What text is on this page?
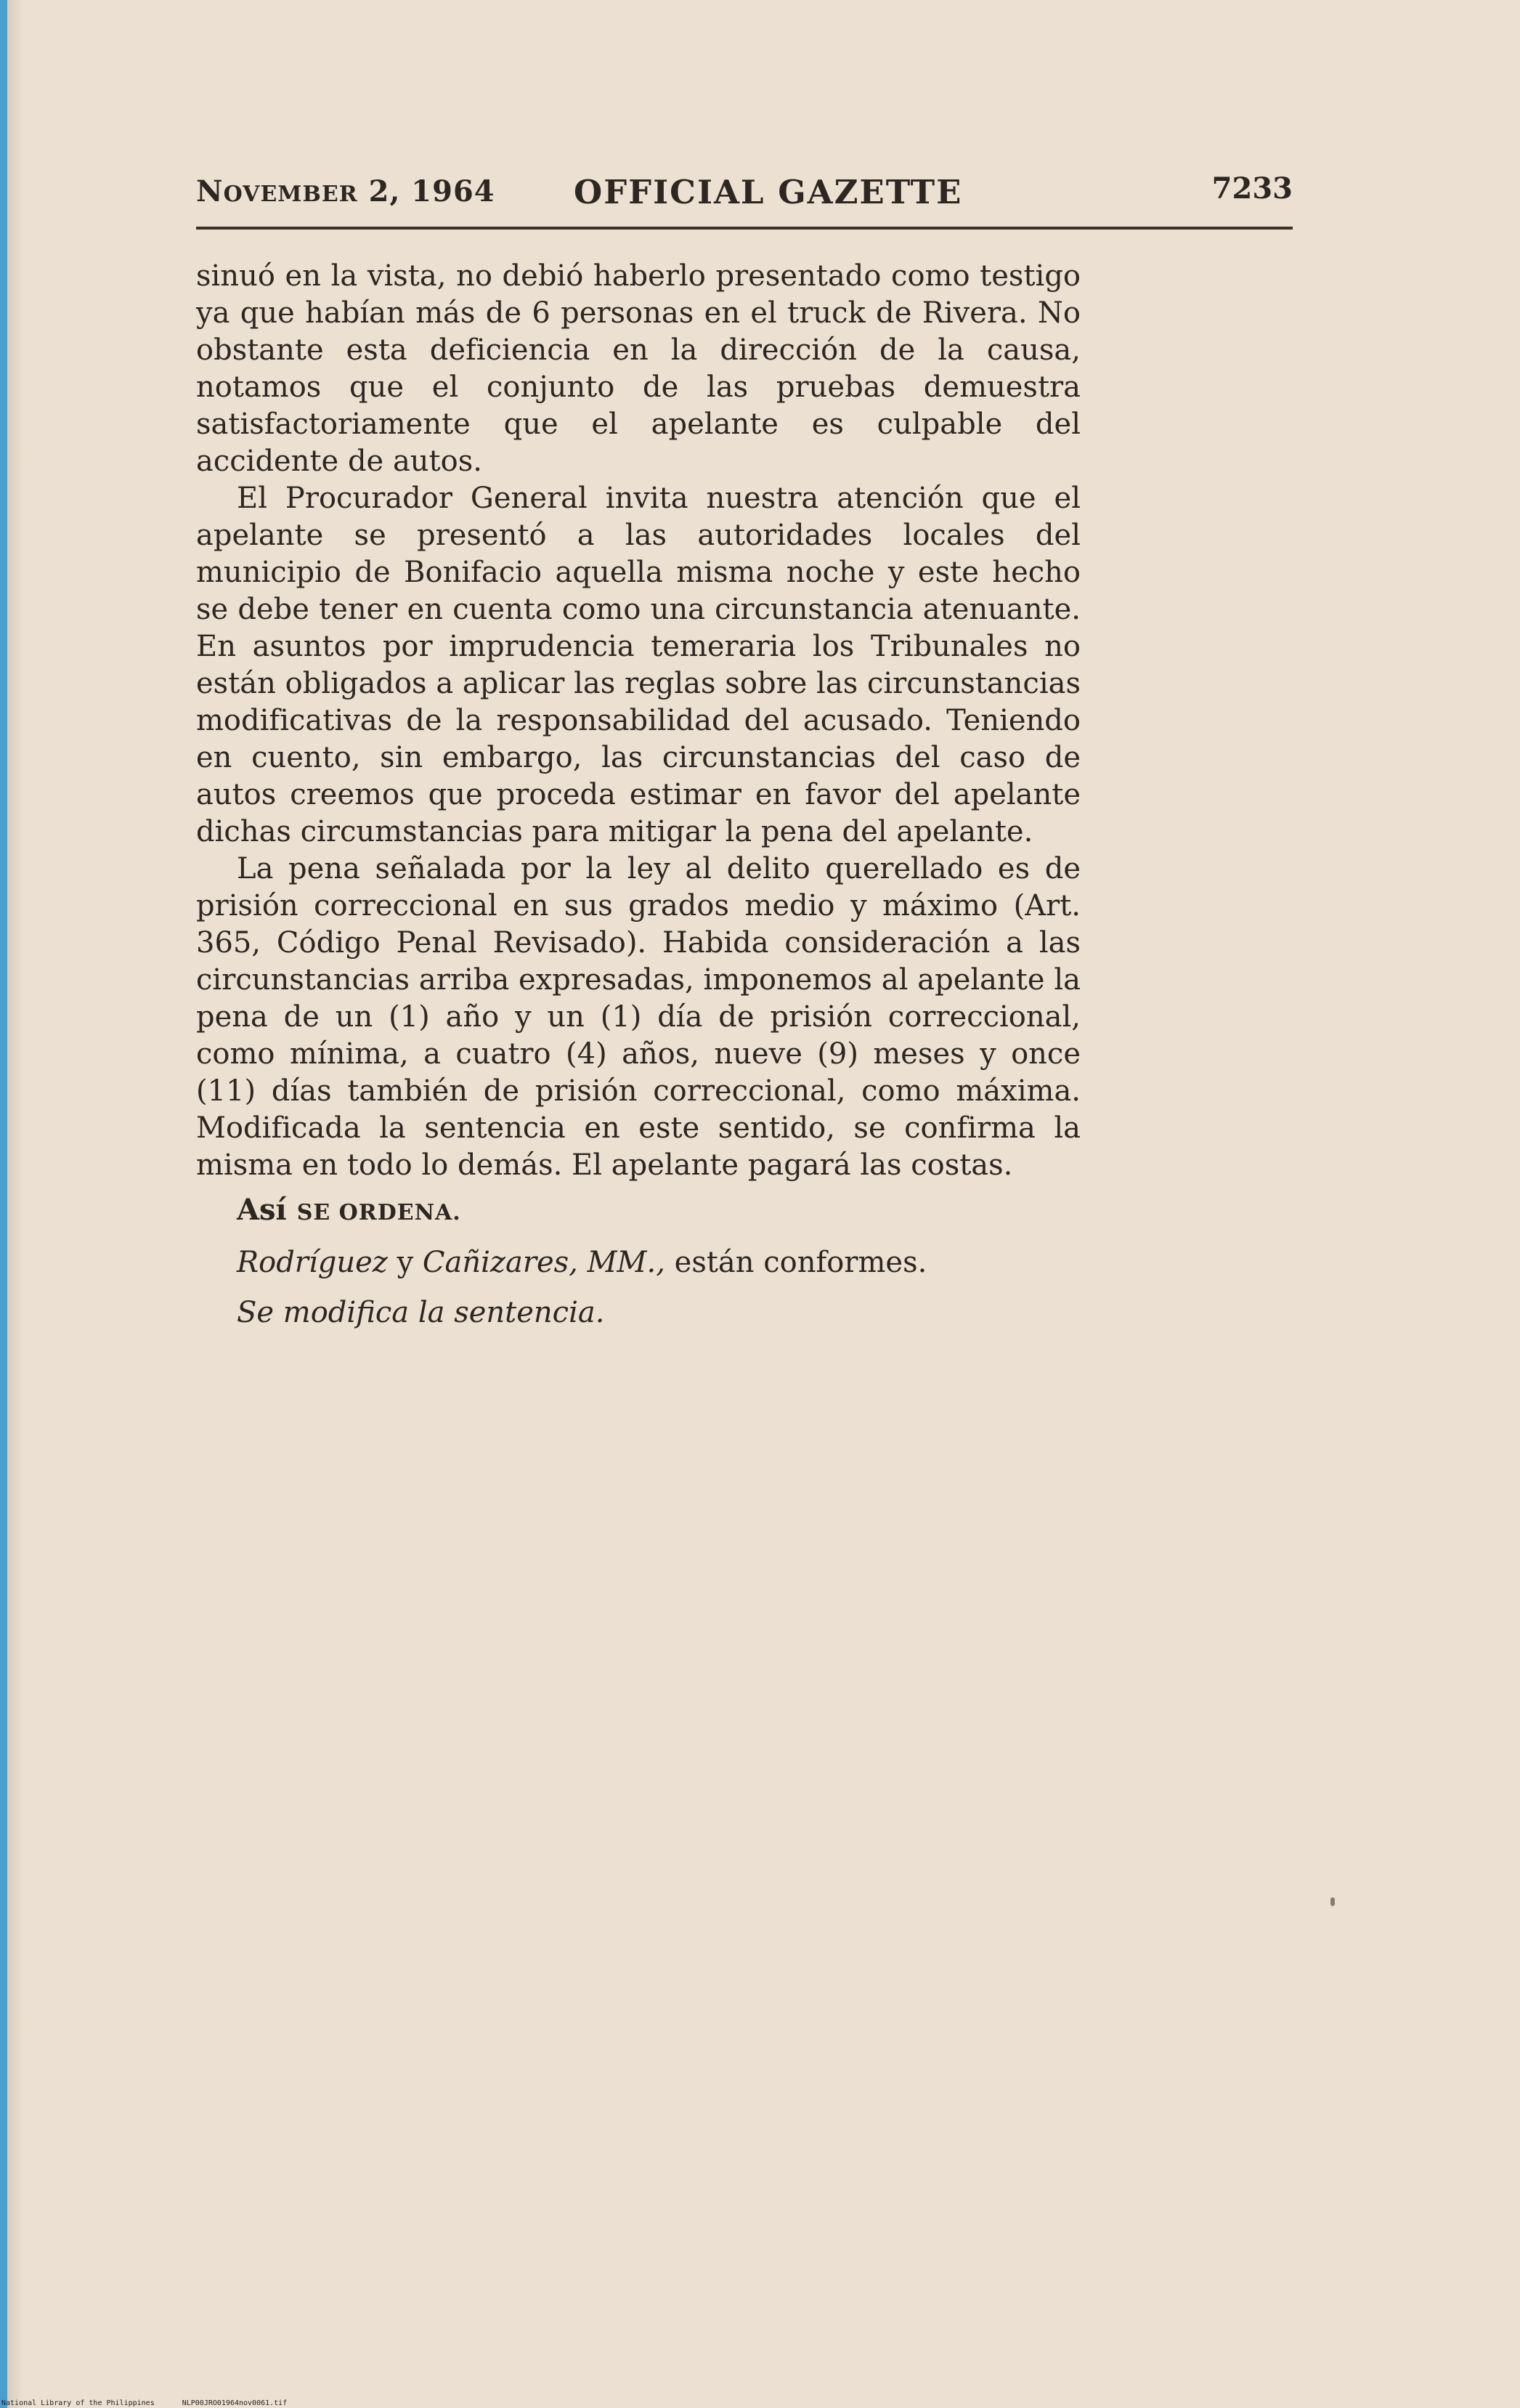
NOVEMBER 2, 1964 OFFICIAL GAZETTE	7233

sinuó en la vista, no debió haberlo presentado como testigo ya que habían más de 6 personas en el truck de Rivera. No obstante esta deficiencia en la dirección de la causa, notamos que el conjunto de las pruebas demuestra satisfactoriamente que el apelante es culpable del accidente de autos.

El Procurador General invita nuestra atención que el apelante se presentó a las autoridades locales del municipio de Bonifacio aquella misma noche y este hecho se debe tener en cuenta como una circunstancia atenuante. En asuntos por imprudencia temeraria los Tribunales no están obligados a aplicar las reglas sobre las circunstancias modificativas de la responsabilidad del acusado. Teniendo en cuento, sin embargo, las circunstancias del caso de autos creemos que proceda estimar en favor del apelante dichas circumstancias para mitigar la pena del apelante.

La pena señalada por la ley al delito querellado es de prisión correccional en sus grados medio y máximo (Art. 365, Código Penal Revisado). Habida consideración a las circunstancias arriba expresadas, imponemos al apelante la pena de un (1) año y un (1) día de prisión correccional, como mínima, a cuatro (4) años, nueve (9) meses y once (11) días también de prisión correccional, como máxima. Modificada la sentencia en este sentido, se confirma la misma en todo lo demás. El apelante pagará las costas.

Así SE ORDENA.
Rodríguez y Cañizares, MM., están conformes.
Se modifica la sentencia.
National Library of the Philippines	NLP00JRO01964nov0061.tif
